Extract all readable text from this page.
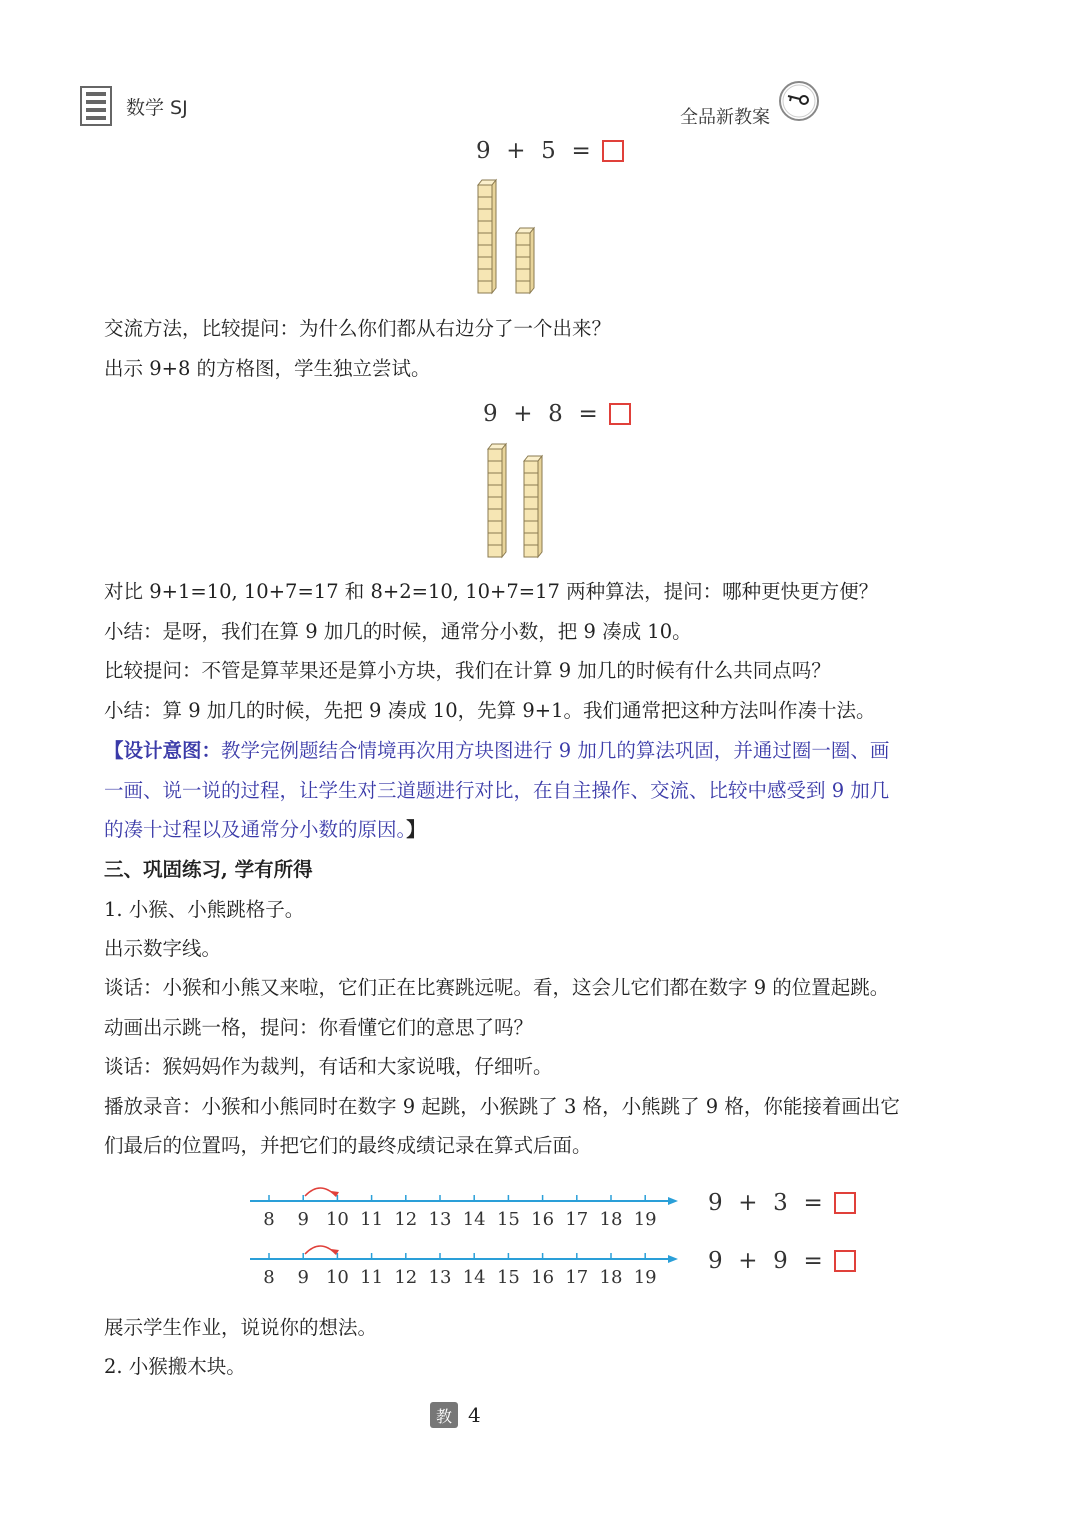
数学 SJ	全品新教案
9
+
5
=
交流方法，比较提问：为什么你们都从右边分了一个出来？
出示 9+8 的方格图，学生独立尝试。
9
+
8
=
对比 9+1=10, 10+7=17 和 8+2=10, 10+7=17 两种算法，提问：哪种更快更方便？
小结：是呀，我们在算 9 加几的时候，通常分小数，把 9 凑成 10。
比较提问：不管是算苹果还是算小方块，我们在计算 9 加几的时候有什么共同点吗？
小结：算 9 加几的时候，先把 9 凑成 10，先算 9+1。我们通常把这种方法叫作凑十法。
【设计意图：教学完例题结合情境再次用方块图进行 9 加几的算法巩固，并通过圈一圈、画
一画、说一说的过程，让学生对三道题进行对比，在自主操作、交流、比较中感受到 9 加几
的凑十过程以及通常分小数的原因。】
三、巩固练习, 学有所得
1. 小猴、小熊跳格子。
出示数字线。
谈话：小猴和小熊又来啦，它们正在比赛跳远呢。看，这会儿它们都在数字 9 的位置起跳。
动画出示跳一格，提问：你看懂它们的意思了吗？
谈话：猴妈妈作为裁判，有话和大家说哦，仔细听。
播放录音：小猴和小熊同时在数字 9 起跳，小猴跳了 3 格，小熊跳了 9 格，你能接着画出它
们最后的位置吗，并把它们的最终成绩记录在算式后面。
8 9 10 11 12 13 14 15 16 17 18 19
8 9 10 11 12 13 14 15 16 17 18 19
9
+
3
=
9
+
9
=
展示学生作业，说说你的想法。
2. 小猴搬木块。
教 4
